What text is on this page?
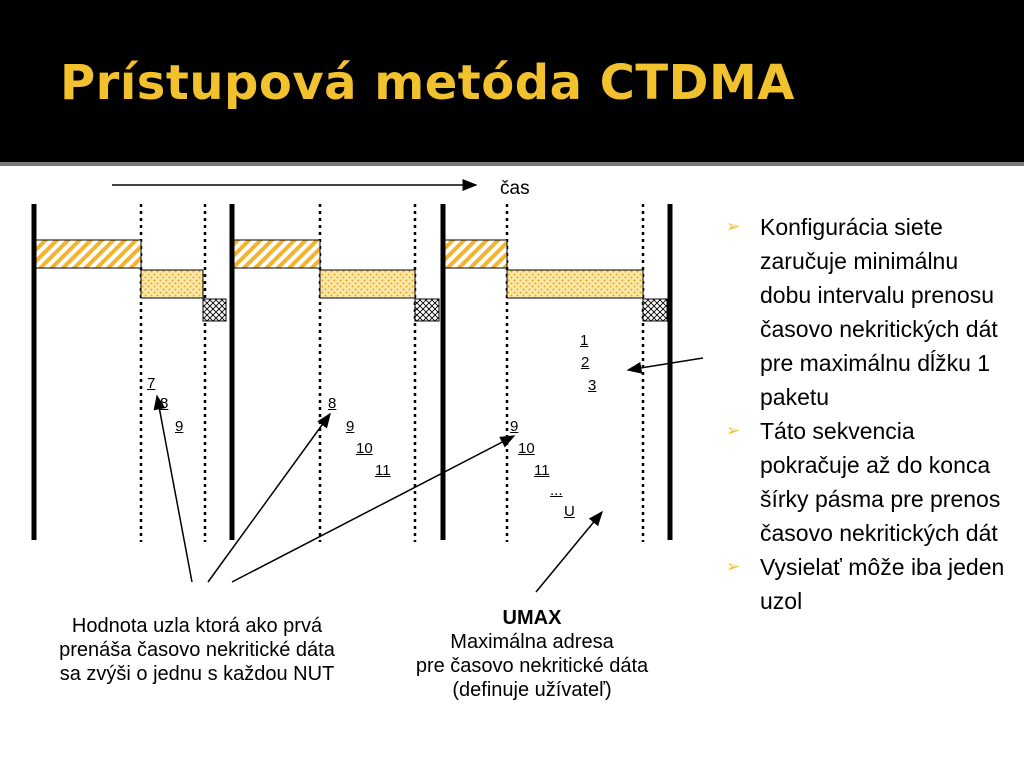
Prístupová metóda CTDMA
čas
7
8
9
8
9
10
11
9
10
11
...
U
1
2
3
Hodnota uzla ktorá ako prvá prenáša časovo nekritické dáta sa zvýši o jednu s každou NUT
UMAX
Maximálna adresa
pre časovo nekritické dáta
(definuje užívateľ)
➢ Konfigurácia siete zaručuje minimálnu dobu intervalu prenosu časovo nekritických dát pre maximálnu dĺžku 1 paketu
➢ Táto sekvencia pokračuje až do konca šírky pásma pre prenos časovo nekritických dát
➢ Vysielať môže iba jeden uzol
